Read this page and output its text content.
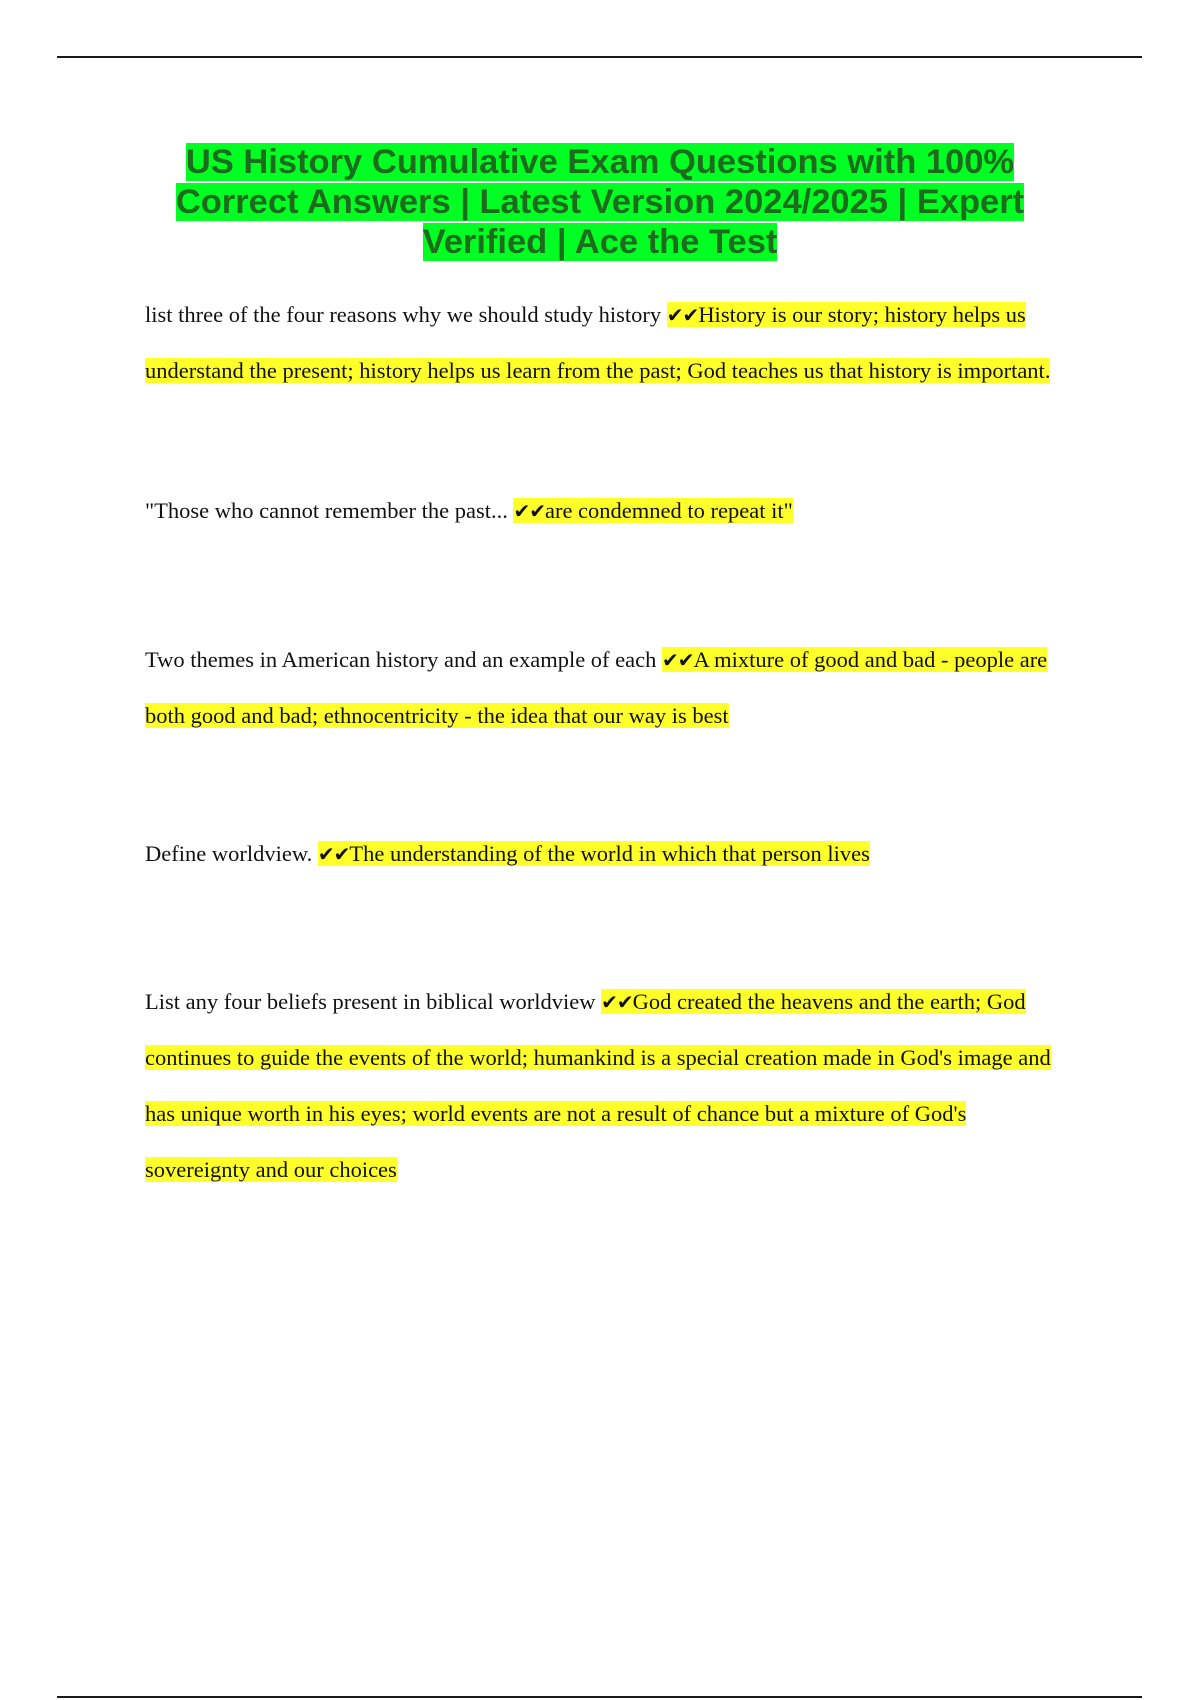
US History Cumulative Exam Questions with 100% Correct Answers | Latest Version 2024/2025 | Expert Verified | Ace the Test

list three of the four reasons why we should study history ✔✔History is our story; history helps us understand the present; history helps us learn from the past; God teaches us that history is important.

"Those who cannot remember the past... ✔✔are condemned to repeat it"

Two themes in American history and an example of each ✔✔A mixture of good and bad - people are both good and bad; ethnocentricity - the idea that our way is best

Define worldview. ✔✔The understanding of the world in which that person lives

List any four beliefs present in biblical worldview ✔✔God created the heavens and the earth; God continues to guide the events of the world; humankind is a special creation made in God's image and has unique worth in his eyes; world events are not a result of chance but a mixture of God's sovereignty and our choices
